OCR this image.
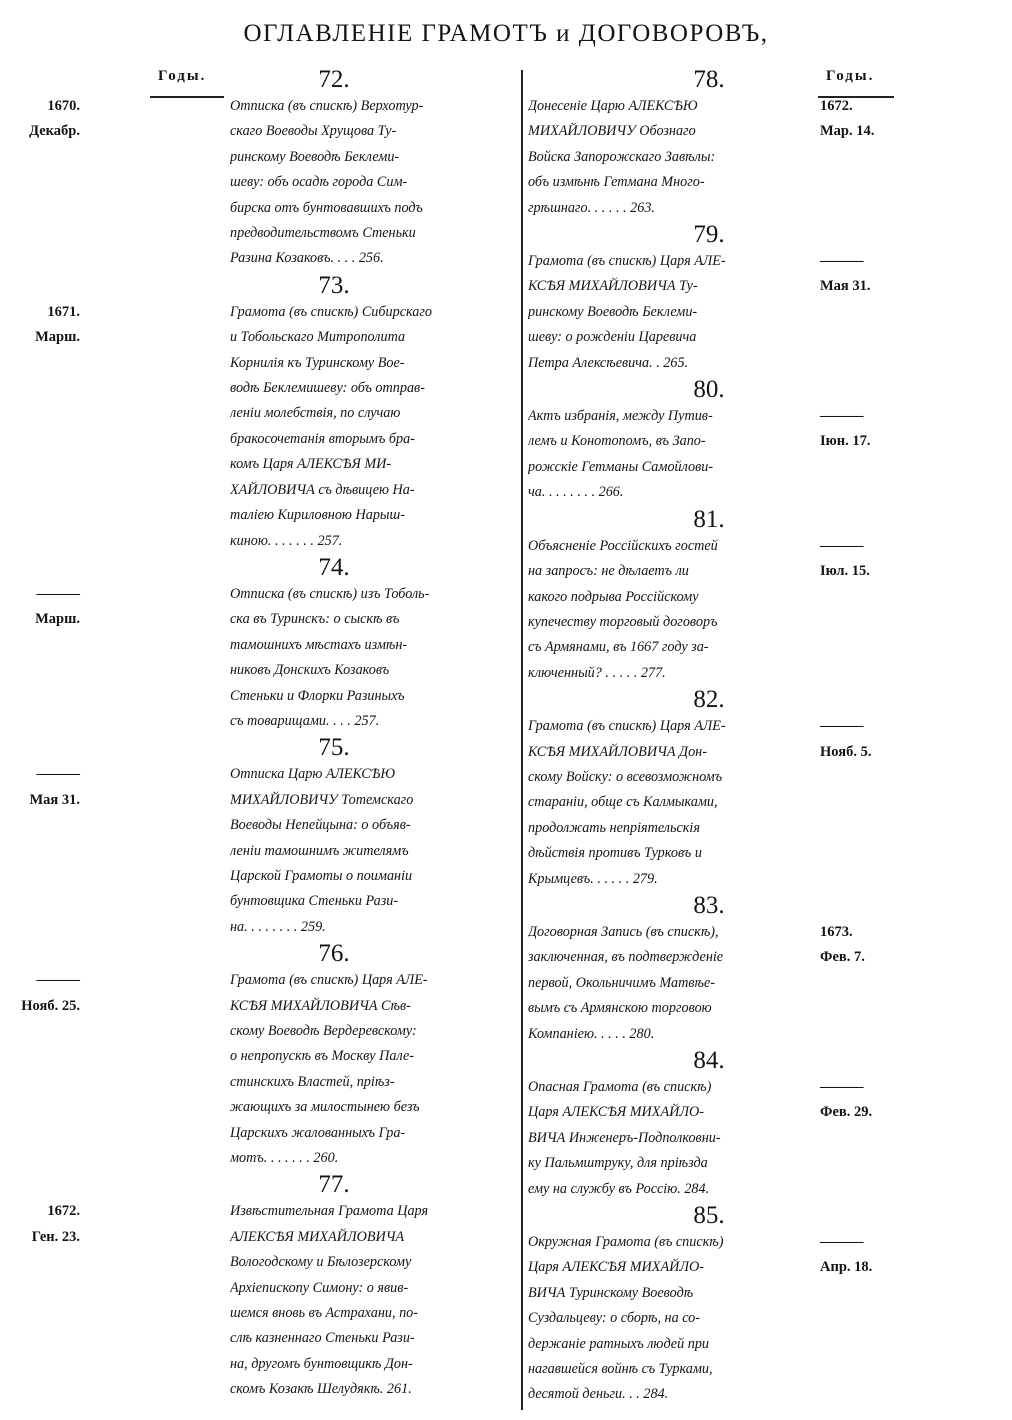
ОГЛАВЛЕНІЕ ГРАМОТЪ и ДОГОВОРОВЪ,
Годы.	Годы.
72.
Отписка (въ спискѣ) Верхотур-
скаго Воеводы Хрущова Ту-
ринскому Воеводѣ Беклеми-
шеву: объ осадѣ города Сим-
бирска отъ бунтовавшихъ подъ
предводительствомъ Стеньки
Разина Козаковъ. . . . 256.
1670.
Декабр.
73.
Грамота (въ спискѣ) Сибирскаго
и Тобольскаго Митрополита
Корнилія къ Туринскому Вое-
водѣ Беклемишеву: объ отправ-
леніи молебствія, по случаю
бракосочетанія вторымъ бра-
комъ Царя АЛЕКСѢЯ МИ-
ХАЙЛОВИЧА съ дѣвицею На-
таліею Кириловною Нарыш-
киною. . . . . . . 257.
1671.
Марш.
74.
Отписка (въ спискѣ) изъ Тоболь-
ска въ Туринскъ: о сыскѣ въ
тамошнихъ мѣстахъ измѣн-
никовъ Донскихъ Козаковъ
Стеньки и Флорки Разиныхъ
съ товарищами. . . . 257.
———
Марш.
75.
Отписка Царю АЛЕКСѢЮ
МИХАЙЛОВИЧУ Тотемскаго
Воеводы Непейцына: о объяв-
леніи тамошнимъ жителямъ
Царской Грамоты о поиманіи
бунтовщика Стеньки Рази-
на. . . . . . . . 259.
———
Мая 31.
76.
Грамота (въ спискѣ) Царя АЛЕ-
КСѢЯ МИХАЙЛОВИЧА Сѣв-
скому Воеводѣ Вердеревскому:
о непропускѣ въ Москву Пале-
стинскихъ Властей, пріѣз-
жающихъ за милостынею безъ
Царскихъ жалованныхъ Гра-
мотъ. . . . . . . 260.
———
Нояб. 25.
77.
Извѣстительная Грамота Царя
АЛЕКСѢЯ МИХАЙЛОВИЧА
Вологодскому и Бѣлозерскому
Архіепископу Симону: о явив-
шемся вновь въ Астрахани, по-
слѣ казненнаго Стеньки Рази-
на, другомъ бунтовщикѣ Дон-
скомъ Козакѣ Шелудякѣ. 261.
1672.
Ген. 23.
78.
Донесеніе Царю АЛЕКСѢЮ
МИХАЙЛОВИЧУ Обознаго
Войска Запорожскаго Завѣлы:
объ измѣнѣ Гетмана Много-
грѣшнаго. . . . . . 263.
1672.
Мар. 14.
79.
Грамота (въ спискѣ) Царя АЛЕ-
КСѢЯ МИХАЙЛОВИЧА Ту-
ринскому Воеводѣ Беклеми-
шеву: о рожденіи Царевича
Петра Алексѣевича. . 265.
———
Мая 31.
80.
Актъ избранія, между Путив-
лемъ и Конотопомъ, въ Запо-
рожскіе Гетманы Самойлови-
ча. . . . . . . . 266.
———
Іюн. 17.
81.
Объясненіе Россійскихъ гостей
на запросъ: не дѣлаетъ ли
какого подрыва Россійскому
купечеству торговый договоръ
съ Армянами, въ 1667 году за-
ключенный? . . . . . 277.
———
Іюл. 15.
82.
Грамота (въ спискѣ) Царя АЛЕ-
КСѢЯ МИХАЙЛОВИЧА Дон-
скому Войску: о всевозможномъ
стараніи, обще съ Калмыками,
продолжать непріятельскія
дѣйствія противъ Турковъ и
Крымцевъ. . . . . . 279.
———
Нояб. 5.
83.
Договорная Запись (въ спискѣ),
заключенная, въ подтвержденіе
первой, Окольничимъ Матвѣе-
вымъ съ Армянскою торговою
Компаніею. . . . . 280.
1673.
Фев. 7.
84.
Опасная Грамота (въ спискѣ)
Царя АЛЕКСѢЯ МИХАЙЛО-
ВИЧА Инженеръ-Подполковни-
ку Пальмштруку, для пріѣзда
ему на службу въ Россію. 284.
———
Фев. 29.
85.
Окружная Грамота (въ спискѣ)
Царя АЛЕКСѢЯ МИХАЙЛО-
ВИЧА Туринскому Воеводѣ
Суздальцеву: о сборѣ, на со-
держаніе ратныхъ людей при
нагавшейся войнѣ съ Турками,
десятой деньги. . . 284.
———
Апр. 18.
